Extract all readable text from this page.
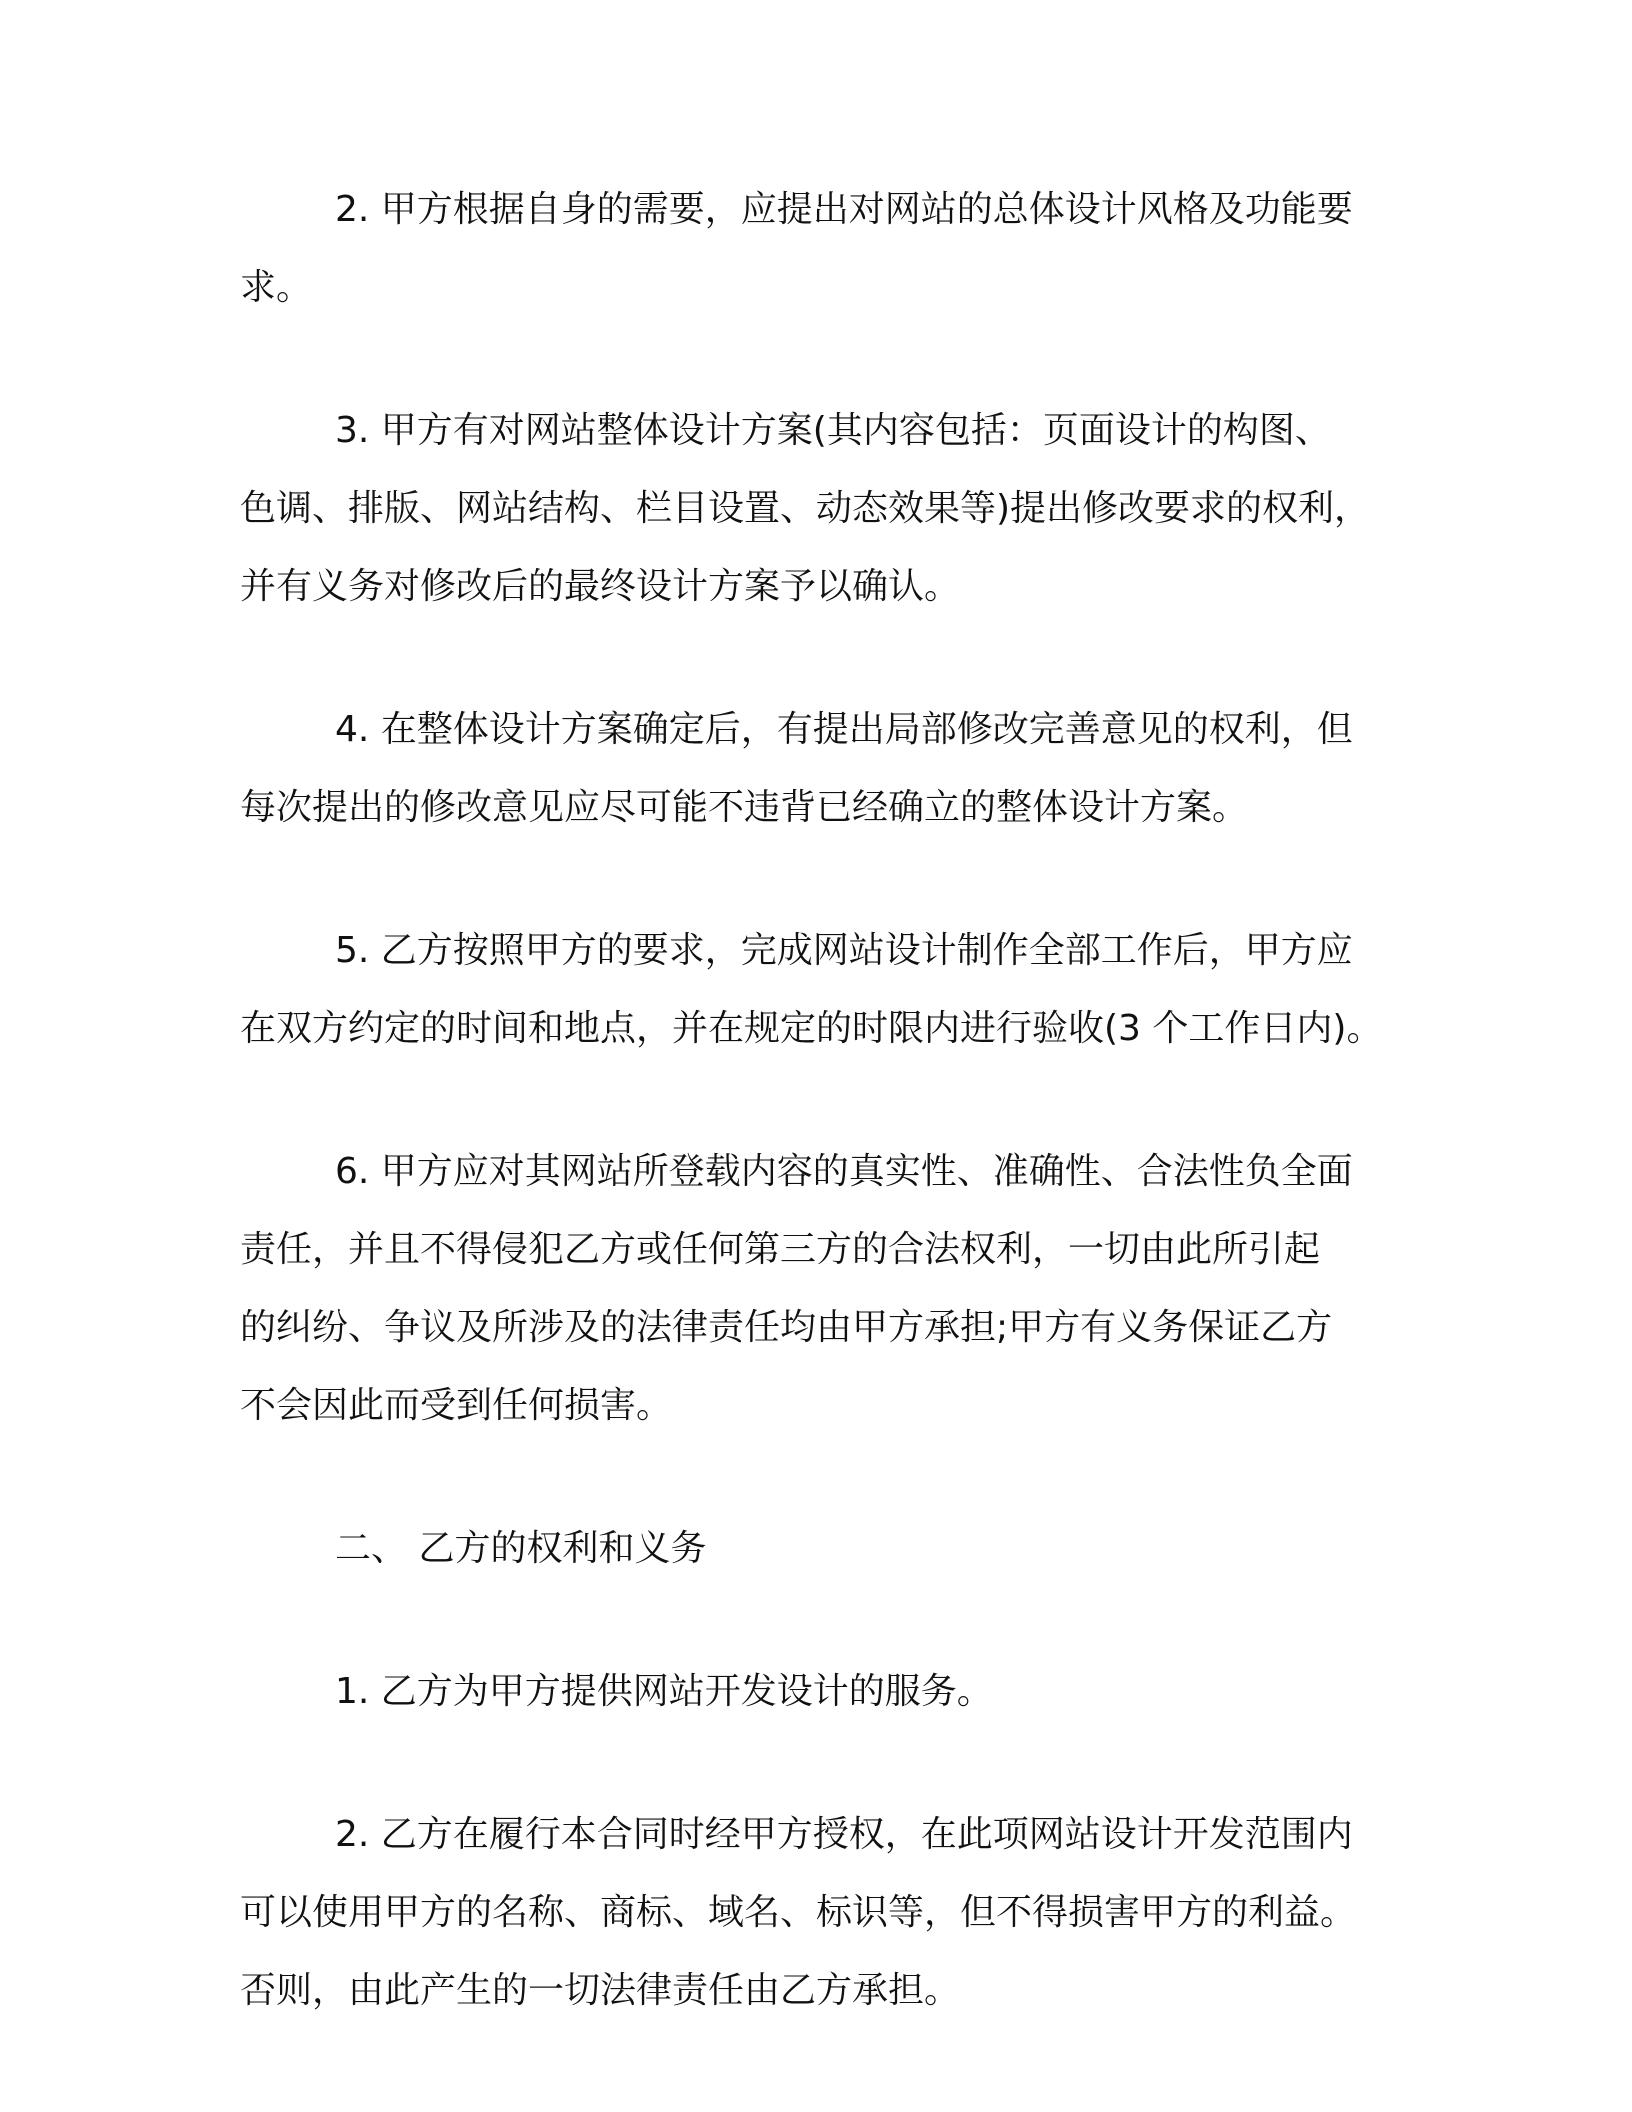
2. 甲方根据自身的需要，应提出对网站的总体设计风格及功能要

求。

3. 甲方有对网站整体设计方案(其内容包括：页面设计的构图、

色调、排版、网站结构、栏目设置、动态效果等)提出修改要求的权利，

并有义务对修改后的最终设计方案予以确认。

4. 在整体设计方案确定后，有提出局部修改完善意见的权利，但

每次提出的修改意见应尽可能不违背已经确立的整体设计方案。

5. 乙方按照甲方的要求，完成网站设计制作全部工作后，甲方应

在双方约定的时间和地点，并在规定的时限内进行验收(3 个工作日内)。

6. 甲方应对其网站所登载内容的真实性、准确性、合法性负全面

责任，并且不得侵犯乙方或任何第三方的合法权利，一切由此所引起

的纠纷、争议及所涉及的法律责任均由甲方承担;甲方有义务保证乙方

不会因此而受到任何损害。

二、 乙方的权利和义务

1. 乙方为甲方提供网站开发设计的服务。

2. 乙方在履行本合同时经甲方授权，在此项网站设计开发范围内

可以使用甲方的名称、商标、域名、标识等，但不得损害甲方的利益。

否则，由此产生的一切法律责任由乙方承担。
